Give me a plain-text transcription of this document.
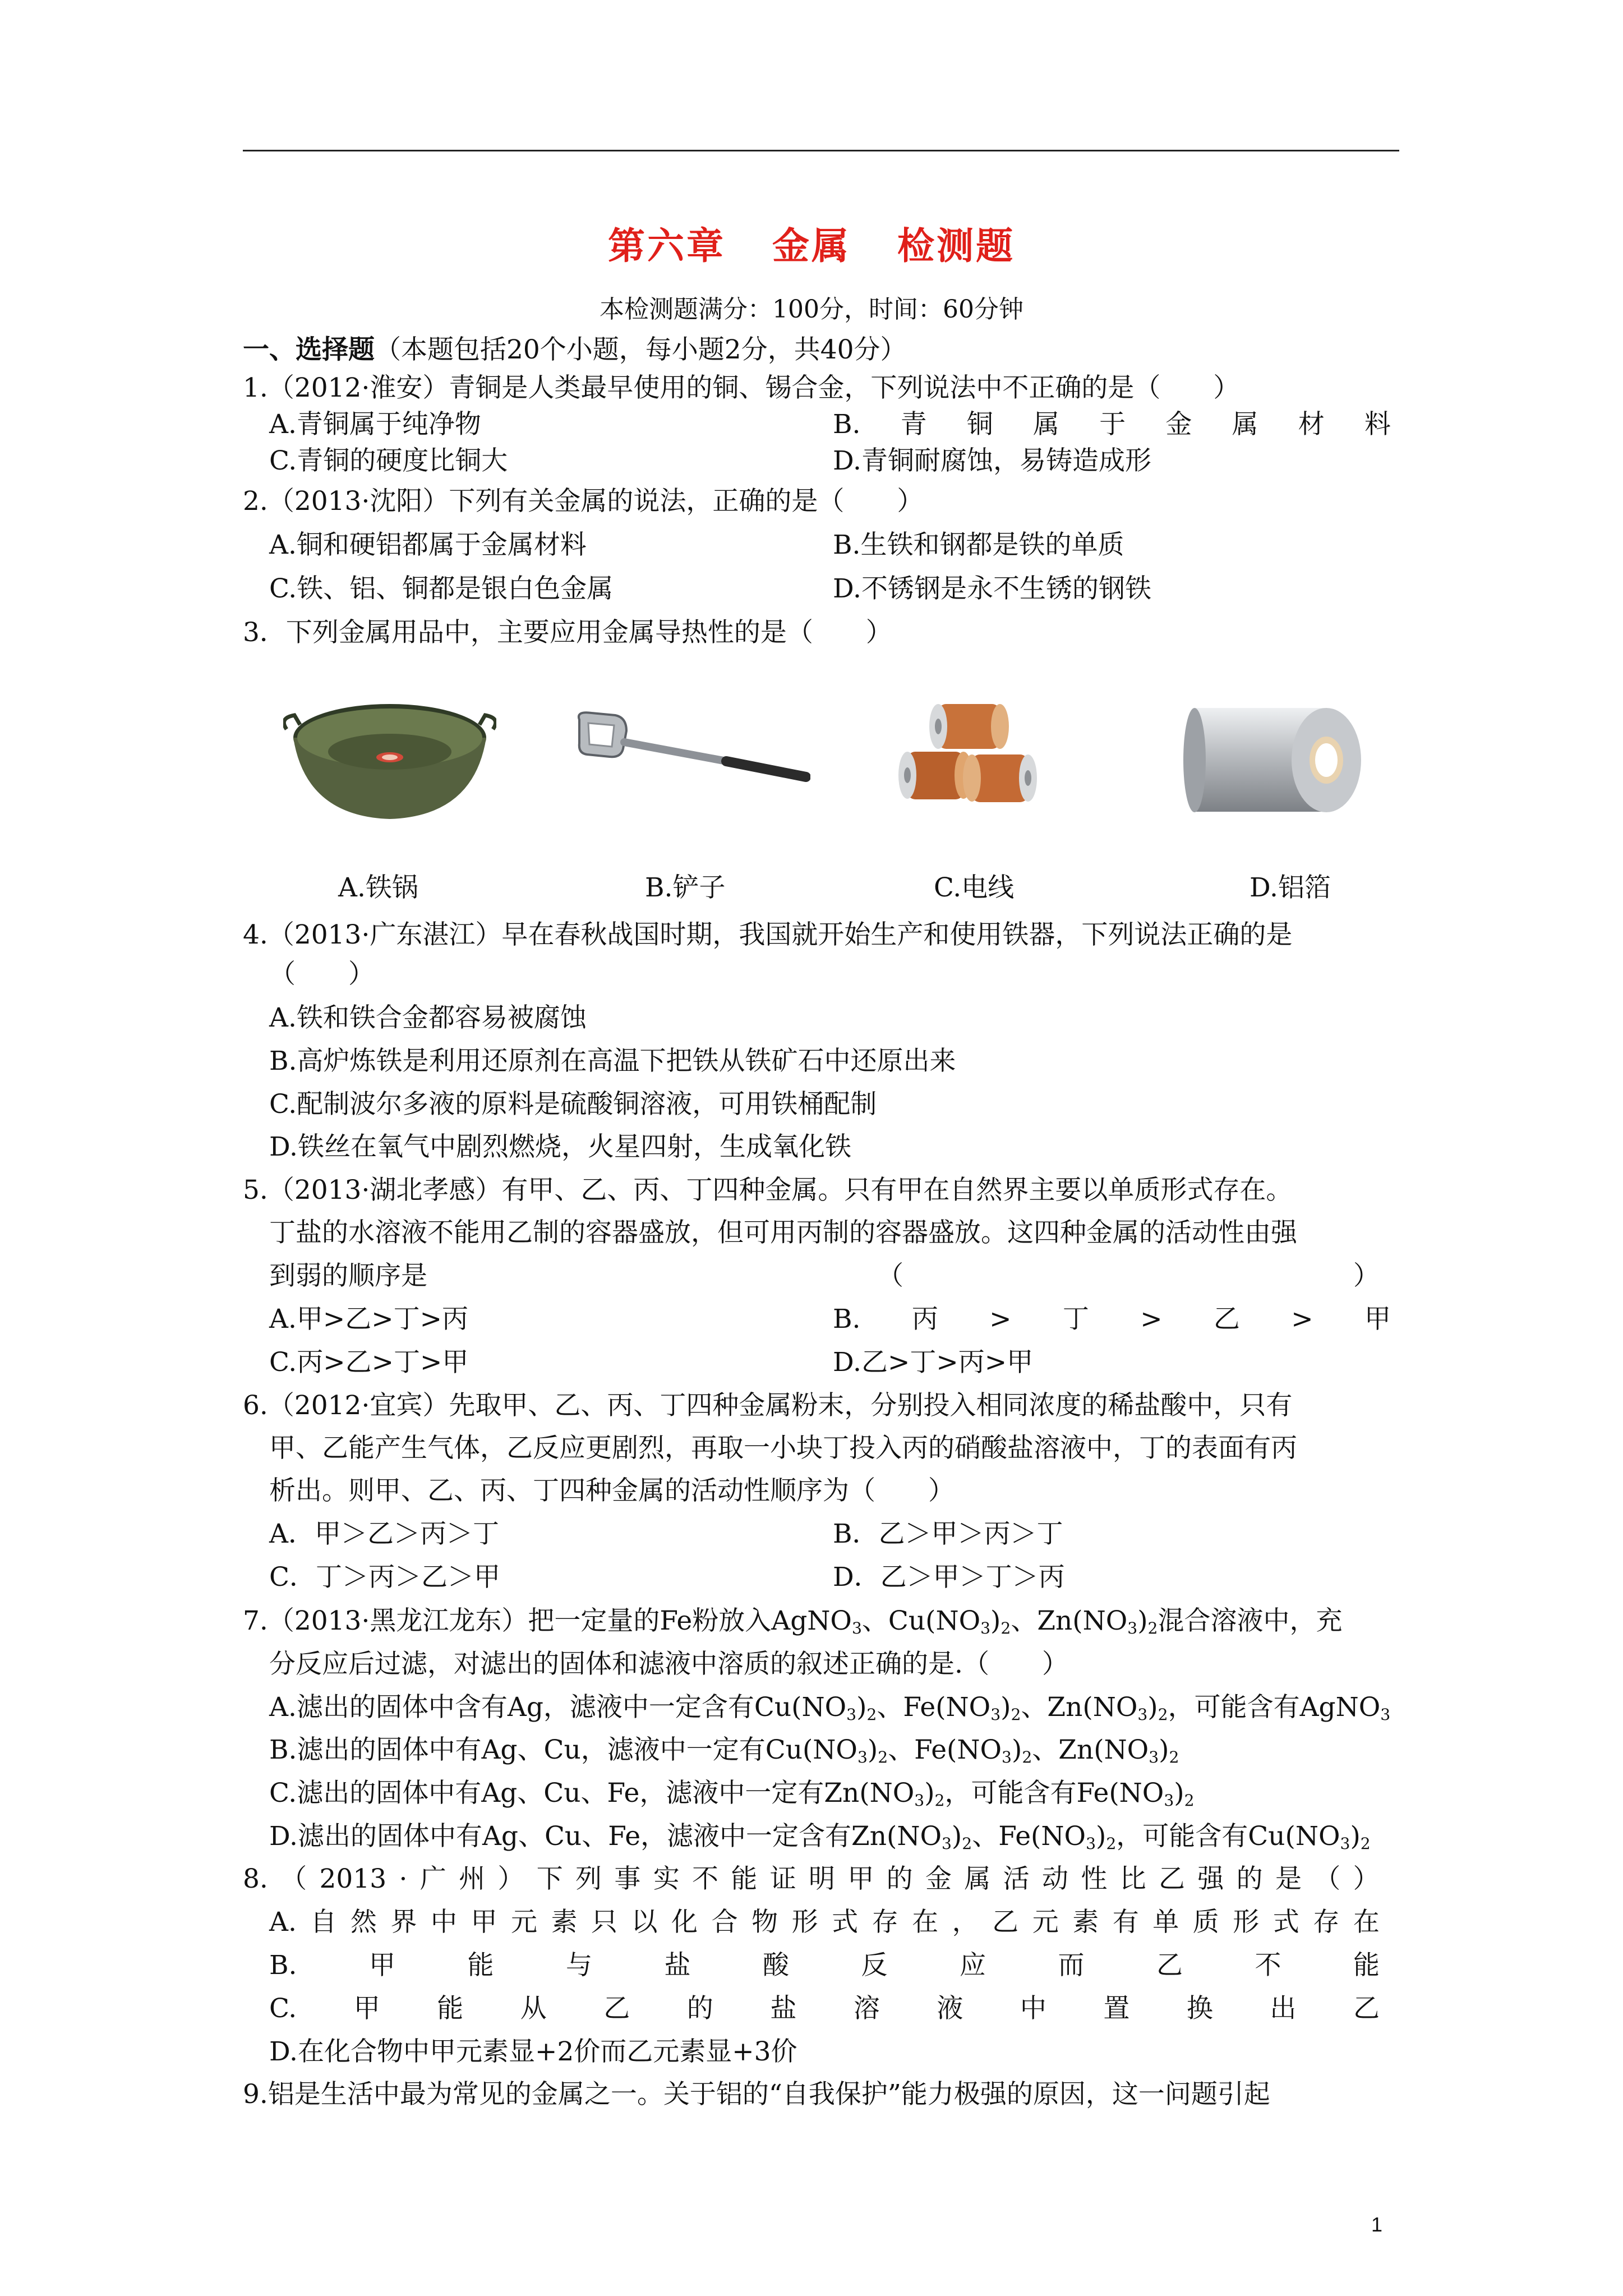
第六章 金属 检测题
本检测题满分：100分，时间：60分钟
一、选择题（本题包括20个小题，每小题2分，共40分）
1.（2012·淮安）青铜是人类最早使用的铜、锡合金，下列说法中不正确的是（　　）
A.青铜属于纯净物	B. 青 铜 属 于 金 属 材 料
C.青铜的硬度比铜大	D.青铜耐腐蚀，易铸造成形
2.（2013·沈阳）下列有关金属的说法，正确的是（　　）
A.铜和硬铝都属于金属材料	B.生铁和钢都是铁的单质
C.铁、铝、铜都是银白色金属	D.不锈钢是永不生锈的钢铁
3．下列金属用品中，主要应用金属导热性的是（　　）
A.铁锅	B.铲子	C.电线	D.铝箔
4.（2013·广东湛江）早在春秋战国时期，我国就开始生产和使用铁器，下列说法正确的是
（　　）
A.铁和铁合金都容易被腐蚀
B.高炉炼铁是利用还原剂在高温下把铁从铁矿石中还原出来
C.配制波尔多液的原料是硫酸铜溶液，可用铁桶配制
D.铁丝在氧气中剧烈燃烧，火星四射，生成氧化铁
5.（2013·湖北孝感）有甲、乙、丙、丁四种金属。只有甲在自然界主要以单质形式存在。
丁盐的水溶液不能用乙制的容器盛放，但可用丙制的容器盛放。这四种金属的活动性由强
到 弱 的 顺 序 是	（	）
A.甲>乙>丁>丙	B. 丙 > 丁 > 乙 > 甲
C.丙>乙>丁>甲	D.乙>丁>丙>甲
6.（2012·宜宾）先取甲、乙、丙、丁四种金属粉末，分别投入相同浓度的稀盐酸中，只有
甲、乙能产生气体，乙反应更剧烈，再取一小块丁投入丙的硝酸盐溶液中，丁的表面有丙
析出。则甲、乙、丙、丁四种金属的活动性顺序为（　　）
A．甲＞乙＞丙＞丁	B．乙＞甲＞丙＞丁
C．丁＞丙＞乙＞甲	D．乙＞甲＞丁＞丙
7.（2013·黑龙江龙东）把一定量的Fe粉放入AgNO$_3$、$Cu(NO_3)_2$、$Zn(NO_3)_2$混合溶液中，充
分反应后过滤，对滤出的固体和滤液中溶质的叙述正确的是.（　　）
A.滤出的固体中含有Ag，滤液中一定含有$Cu(NO_3)_2$、$Fe(NO_3)_2$、$Zn(NO_3)_2$，可能含有AgNO$_3$
B.滤出的固体中有Ag、Cu，滤液中一定有$Cu(NO_3)_2$、$Fe(NO_3)_2$、$Zn(NO_3)_2$
C.滤出的固体中有Ag、Cu、Fe，滤液中一定有$Zn(NO_3)_2$，可能含有$Fe(NO_3)_2$
D.滤出的固体中有Ag、Cu、Fe，滤液中一定含有$Zn(NO_3)_2$、$Fe(NO_3)_2$，可能含有$Cu(NO_3)_2$
8. （ 2013 · 广 州 ） 下 列 事 实 不 能 证 明 甲 的 金 属 活 动 性 比 乙 强 的 是 （ ）
A. 自 然 界 中 甲 元 素 只 以 化 合 物 形 式 存 在 ， 乙 元 素 有 单 质 形 式 存 在
B.	甲	能	与	盐	酸	反	应	而	乙	不	能
C. 甲 能 从 乙 的 盐 溶 液 中 置 换 出 乙
D.在化合物中甲元素显+2价而乙元素显+3价
9.铝是生活中最为常见的金属之一。关于铝的“自我保护”能力极强的原因，这一问题引起
1
